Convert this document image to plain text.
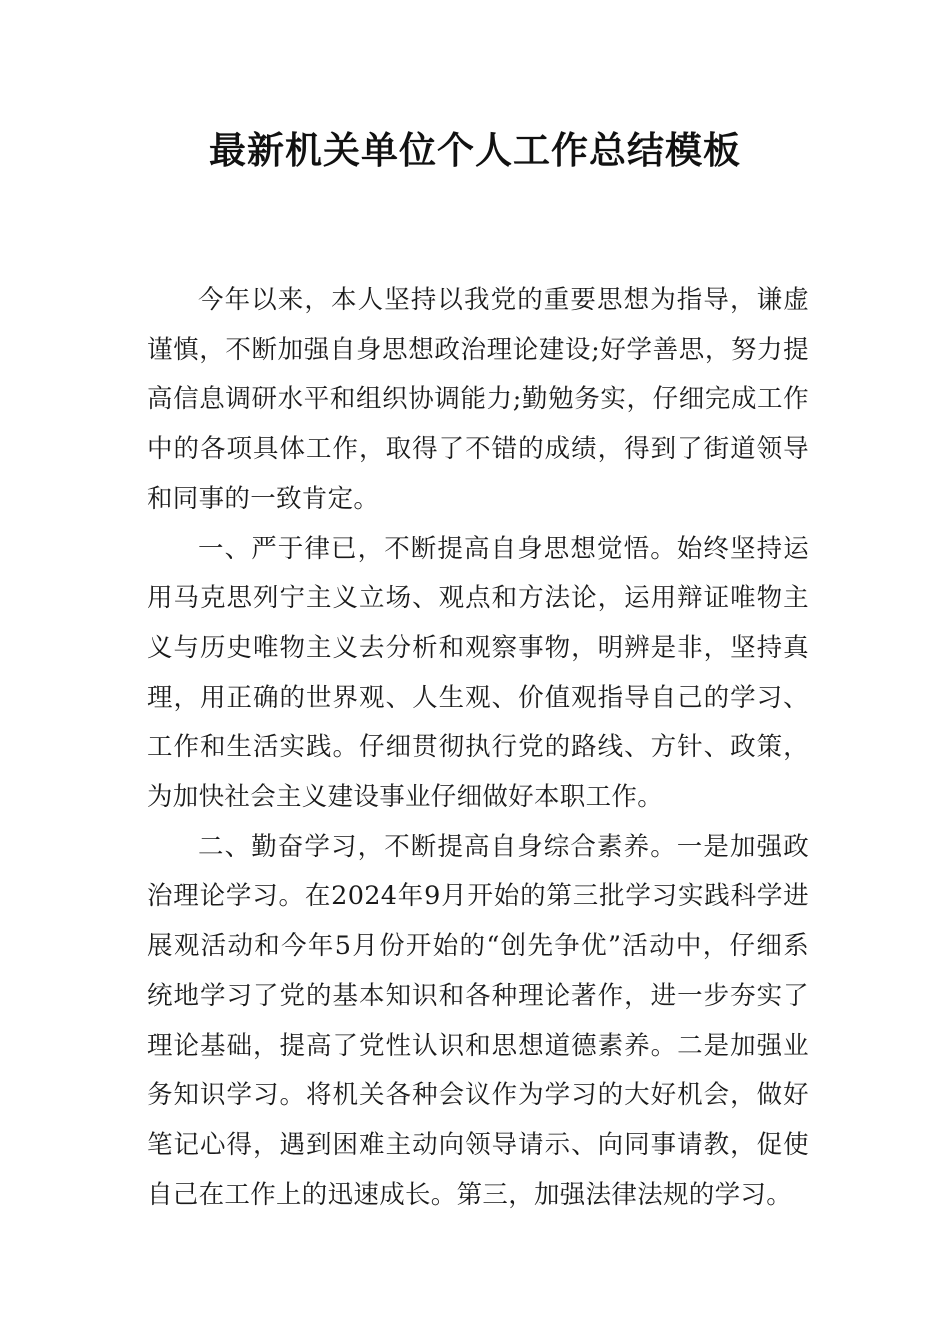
最新机关单位个人工作总结模板

今年以来，本人坚持以我党的重要思想为指导，谦虚谨慎，不断加强自身思想政治理论建设;好学善思，努力提高信息调研水平和组织协调能力;勤勉务实，仔细完成工作中的各项具体工作，取得了不错的成绩，得到了街道领导和同事的一致肯定。

一、严于律已，不断提高自身思想觉悟。始终坚持运用马克思列宁主义立场、观点和方法论，运用辩证唯物主义与历史唯物主义去分析和观察事物，明辨是非，坚持真理，用正确的世界观、人生观、价值观指导自己的学习、工作和生活实践。仔细贯彻执行党的路线、方针、政策，为加快社会主义建设事业仔细做好本职工作。

二、勤奋学习，不断提高自身综合素养。一是加强政治理论学习。在2024年9月开始的第三批学习实践科学进展观活动和今年5月份开始的“创先争优”活动中，仔细系统地学习了党的基本知识和各种理论著作，进一步夯实了理论基础，提高了党性认识和思想道德素养。二是加强业务知识学习。将机关各种会议作为学习的大好机会，做好笔记心得，遇到困难主动向领导请示、向同事请教，促使自己在工作上的迅速成长。第三，加强法律法规的学习。
